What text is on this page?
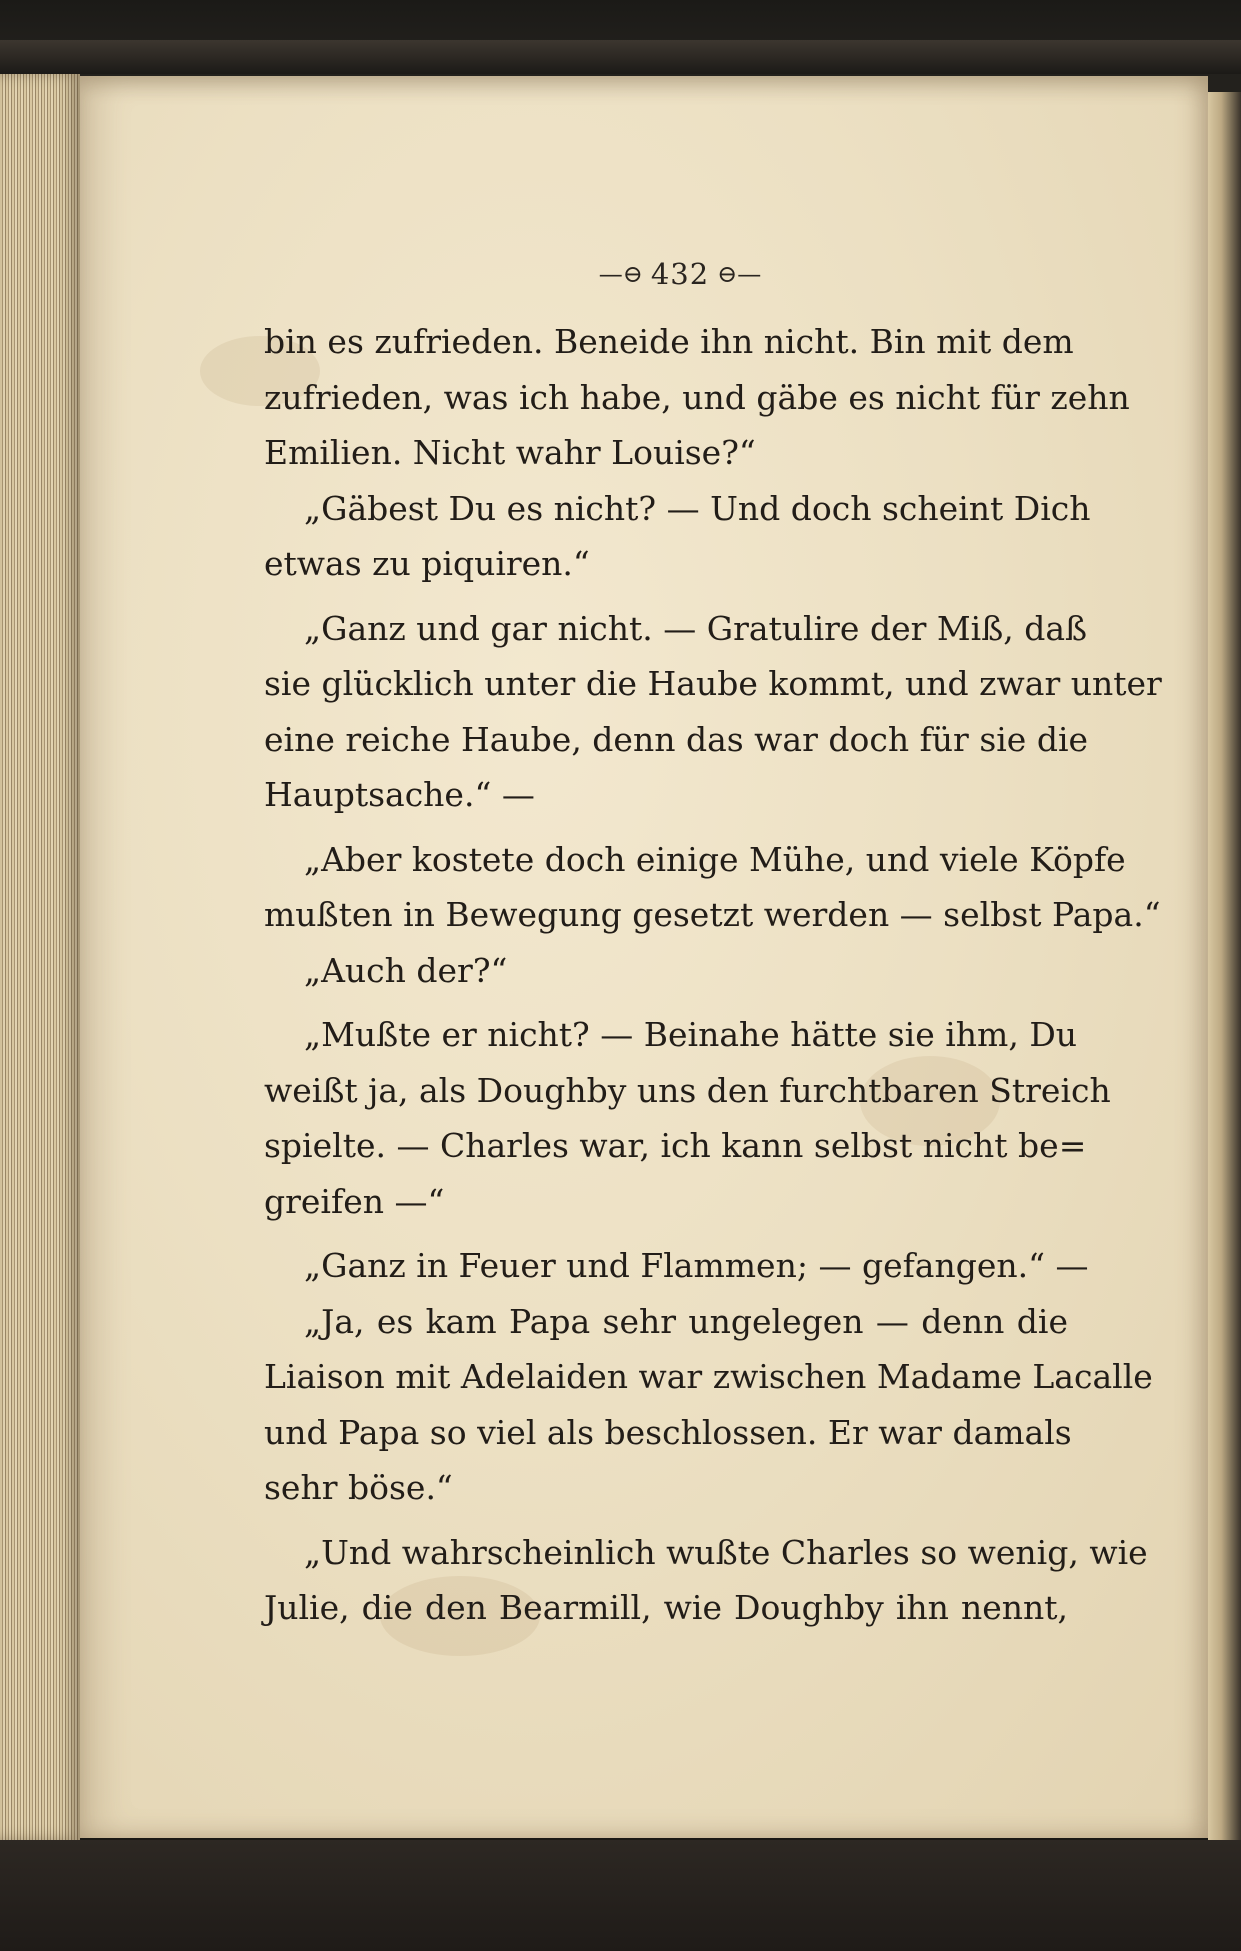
—⊖ 432 ⊖—
bin es zufrieden. Beneide ihn nicht. Bin mit dem
zufrieden, was ich habe, und gäbe es nicht für zehn
Emilien. Nicht wahr Louise?“
„Gäbest Du es nicht? — Und doch scheint Dich
etwas zu piquiren.“
„Ganz und gar nicht. — Gratulire der Miß, daß
sie glücklich unter die Haube kommt, und zwar unter
eine reiche Haube, denn das war doch für sie die
Hauptsache.“ —
„Aber kostete doch einige Mühe, und viele Köpfe
mußten in Bewegung gesetzt werden — selbst Papa.“
„Auch der?“
„Mußte er nicht? — Beinahe hätte sie ihm, Du
weißt ja, als Doughby uns den furchtbaren Streich
spielte. — Charles war, ich kann selbst nicht be=
greifen —“
„Ganz in Feuer und Flammen; — gefangen.“ —
„Ja, es kam Papa sehr ungelegen — denn die
Liaison mit Adelaiden war zwischen Madame Lacalle
und Papa so viel als beschlossen. Er war damals
sehr böse.“
„Und wahrscheinlich wußte Charles so wenig, wie
Julie, die den Bearmill, wie Doughby ihn nennt,
